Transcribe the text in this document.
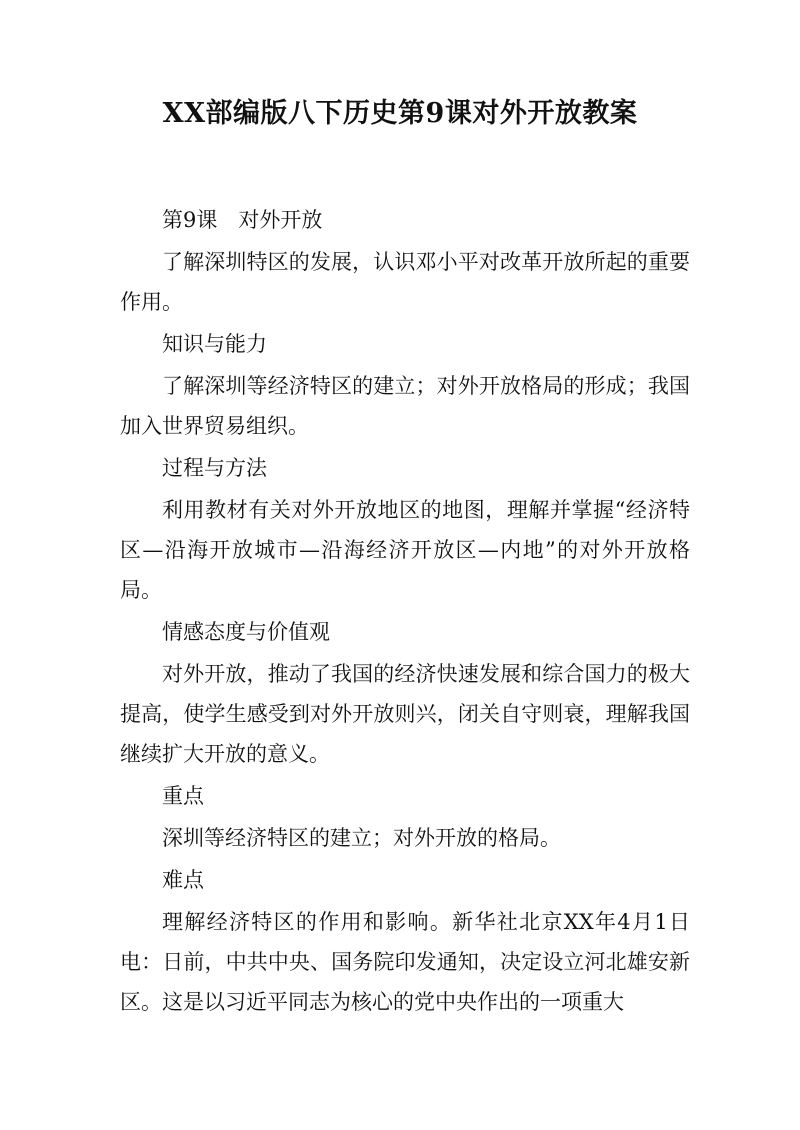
XX部编版八下历史第9课对外开放教案

第9课　对外开放

了解深圳特区的发展，认识邓小平对改革开放所起的重要作用。

知识与能力

了解深圳等经济特区的建立；对外开放格局的形成；我国加入世界贸易组织。

过程与方法

利用教材有关对外开放地区的地图，理解并掌握“经济特区—沿海开放城市—沿海经济开放区—内地”的对外开放格局。

情感态度与价值观

对外开放，推动了我国的经济快速发展和综合国力的极大提高，使学生感受到对外开放则兴，闭关自守则衰，理解我国继续扩大开放的意义。

重点

深圳等经济特区的建立；对外开放的格局。

难点

理解经济特区的作用和影响。新华社北京XX年4月1日电：日前，中共中央、国务院印发通知，决定设立河北雄安新区。这是以习近平同志为核心的党中央作出的一项重大
